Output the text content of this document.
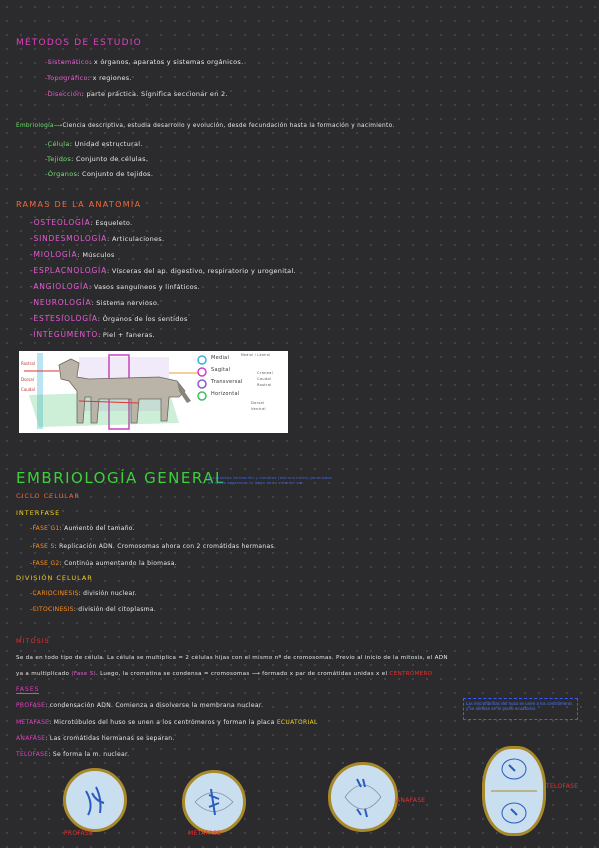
MÉTODOS DE ESTUDIO
-Sistemático: x órganos, aparatos y sistemas orgánicos.
-Topográfico: x regiones.
-Disección: parte práctica. Significa seccionar en 2.
Embriología⟶Ciencia descriptiva, estudia desarrollo y evolución, desde fecundación hasta la formación y nacimiento.
-Célula: Unidad estructural.
-Tejidos: Conjunto de células.
-Órganos: Conjunto de tejidos.
RAMAS DE LA ANATOMÍA
-OSTEOLOGÍA: Esqueleto.
-SINDESMOLOGÍA: Articulaciones.
-MIOLOGÍA: Músculos
-ESPLACNOLOGÍA: Vísceras del ap. digestivo, respiratorio y urogenital.
-ANGIOLOGÍA: Vasos sanguíneos y linfáticos.
-NEUROLOGÍA: Sistema nervioso.
-ESTESIOLOGÍA: Órganos de los sentidos
-INTEGUMENTO: Piel + faneras.
Rostral
Dorsal
Caudal
Medial
Sagital
Transversal
Horizontal
Medial / Lateral
Craneal
Caudal
Rostral
Dorsal
Ventral
EMBRIOLOGÍA GENERAL
Estudiamos formación y cambios (estructurales) generados en todos órganos a lo largo de la vida del ser.
CICLO CELULAR
INTERFASE
-FASE G1: Aumento del tamaño.
-FASE S: Replicación ADN. Cromosomas ahora con 2 cromátidas hermanas.
-FASE G2: Continúa aumentando la biomasa.
DIVISIÓN CELULAR
-CARIOCINESIS: división nuclear.
-CITOCINESIS: división del citoplasma.
MITOSIS
Se da en todo tipo de célula. La célula se multiplica = 2 células hijas con el mismo nº de cromosomas. Previo al inicio de la mitosis, el ADN
ya a multiplicado (Fase S). Luego, la cromatina se condensa = cromosomas ⟶ formado x par de cromátidas unidas x el CENTRÓMERO
FASES
PROFASE: condensación ADN. Comienza a disolverse la membrana nuclear.
METAFASE: Microtúbulos del huso se unen a los centrómeros y forman la placa ECUATORIAL
ANAFASE: Las cromátidas hermanas se separan.
TELOFASE: Se forma la m. nuclear.
Las microfibrillas del huso se unen a los centrómeros y se alinean en el plano ecuatorial.
PROFASE	METAFASE
ANAFASE
TELOFASE
